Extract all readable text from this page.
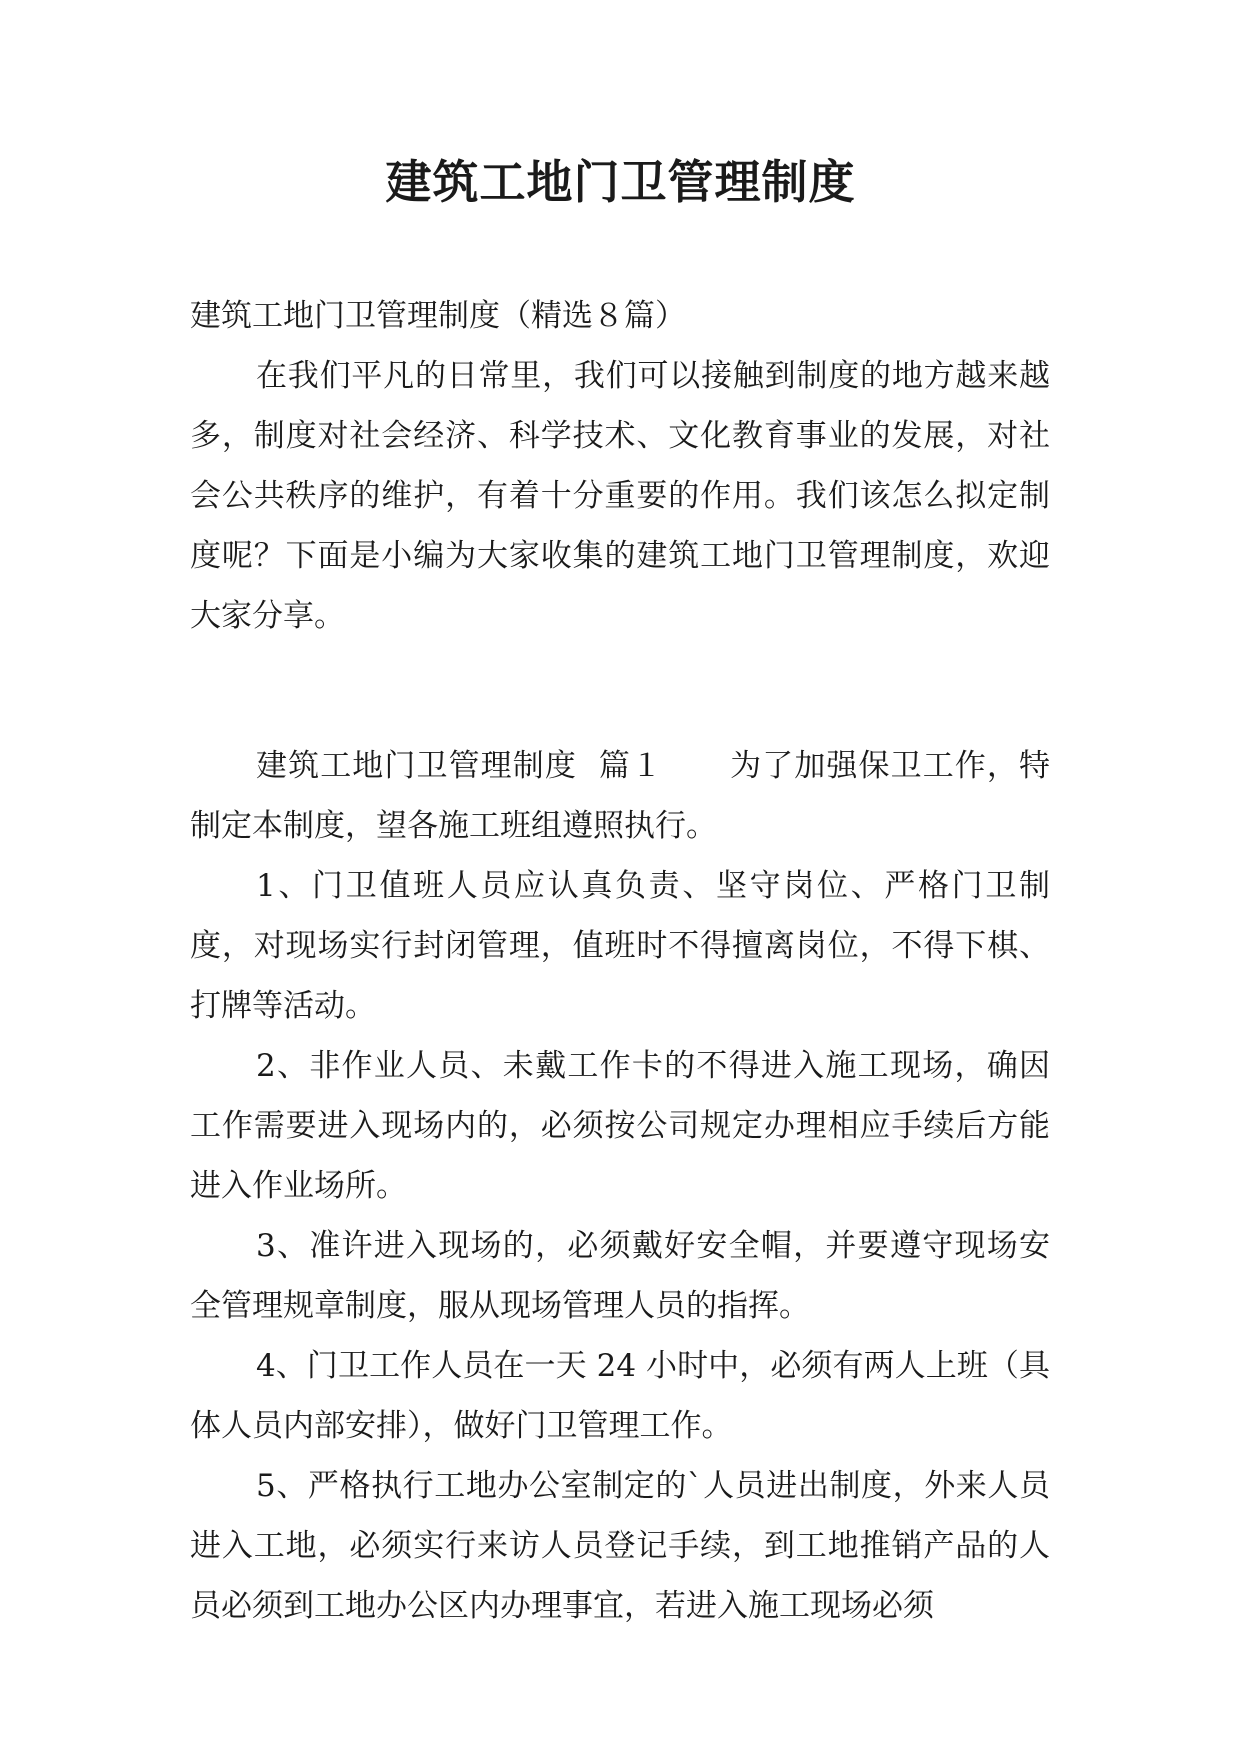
建筑工地门卫管理制度

建筑工地门卫管理制度（精选８篇）

在我们平凡的日常里，我们可以接触到制度的地方越来越多，制度对社会经济、科学技术、文化教育事业的发展，对社会公共秩序的维护，有着十分重要的作用。我们该怎么拟定制度呢？下面是小编为大家收集的建筑工地门卫管理制度，欢迎大家分享。

建筑工地门卫管理制度  篇１ 为了加强保卫工作，特制定本制度，望各施工班组遵照执行。

1、门卫值班人员应认真负责、坚守岗位、严格门卫制度，对现场实行封闭管理，值班时不得擅离岗位，不得下棋、打牌等活动。

2、非作业人员、未戴工作卡的不得进入施工现场，确因工作需要进入现场内的，必须按公司规定办理相应手续后方能进入作业场所。

3、准许进入现场的，必须戴好安全帽，并要遵守现场安全管理规章制度，服从现场管理人员的指挥。

4、门卫工作人员在一天 24 小时中，必须有两人上班（具体人员内部安排），做好门卫管理工作。

5、严格执行工地办公室制定的`人员进出制度，外来人员进入工地，必须实行来访人员登记手续，到工地推销产品的人员必须到工地办公区内办理事宜，若进入施工现场必须
